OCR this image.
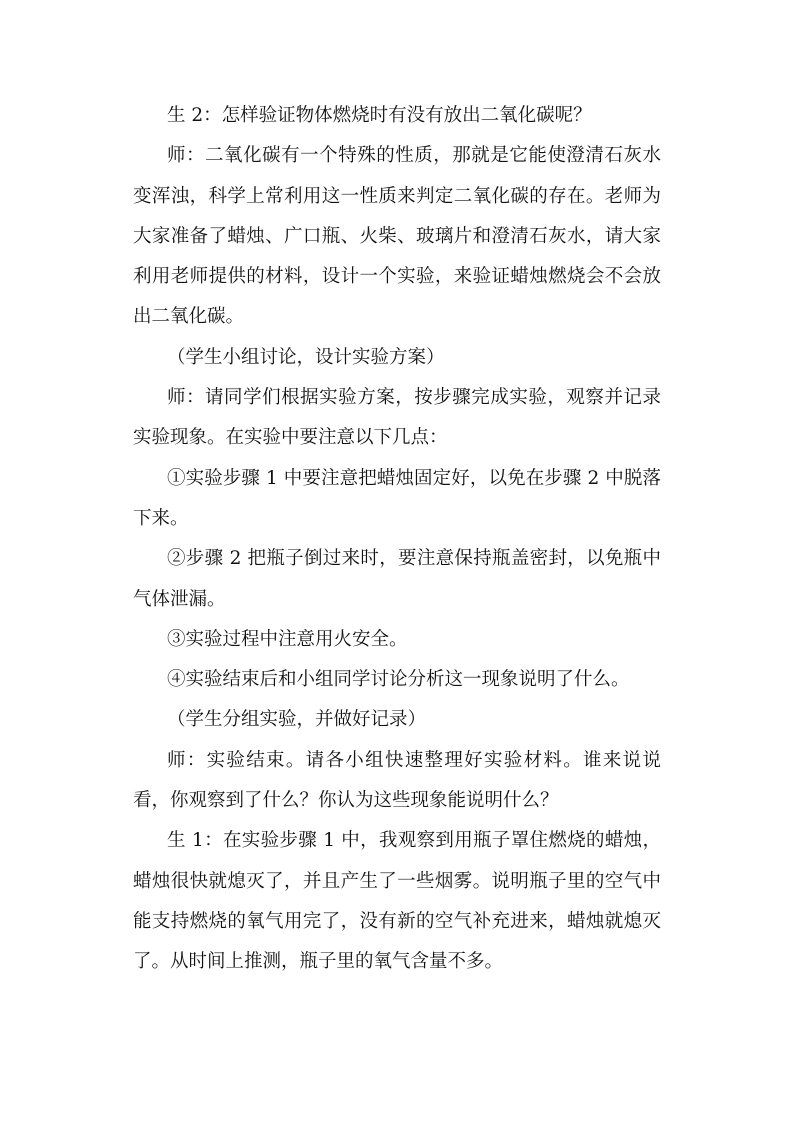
生 2：怎样验证物体燃烧时有没有放出二氧化碳呢？

师：二氧化碳有一个特殊的性质，那就是它能使澄清石灰水变浑浊，科学上常利用这一性质来判定二氧化碳的存在。老师为大家准备了蜡烛、广口瓶、火柴、玻璃片和澄清石灰水，请大家利用老师提供的材料，设计一个实验，来验证蜡烛燃烧会不会放出二氧化碳。

（学生小组讨论，设计实验方案）

师：请同学们根据实验方案，按步骤完成实验，观察并记录实验现象。在实验中要注意以下几点：

①实验步骤 1 中要注意把蜡烛固定好，以免在步骤 2 中脱落下来。

②步骤 2 把瓶子倒过来时，要注意保持瓶盖密封，以免瓶中气体泄漏。

③实验过程中注意用火安全。

④实验结束后和小组同学讨论分析这一现象说明了什么。

（学生分组实验，并做好记录）

师：实验结束。请各小组快速整理好实验材料。谁来说说看，你观察到了什么？你认为这些现象能说明什么？

生 1：在实验步骤 1 中，我观察到用瓶子罩住燃烧的蜡烛，蜡烛很快就熄灭了，并且产生了一些烟雾。说明瓶子里的空气中能支持燃烧的氧气用完了，没有新的空气补充进来，蜡烛就熄灭了。从时间上推测，瓶子里的氧气含量不多。
